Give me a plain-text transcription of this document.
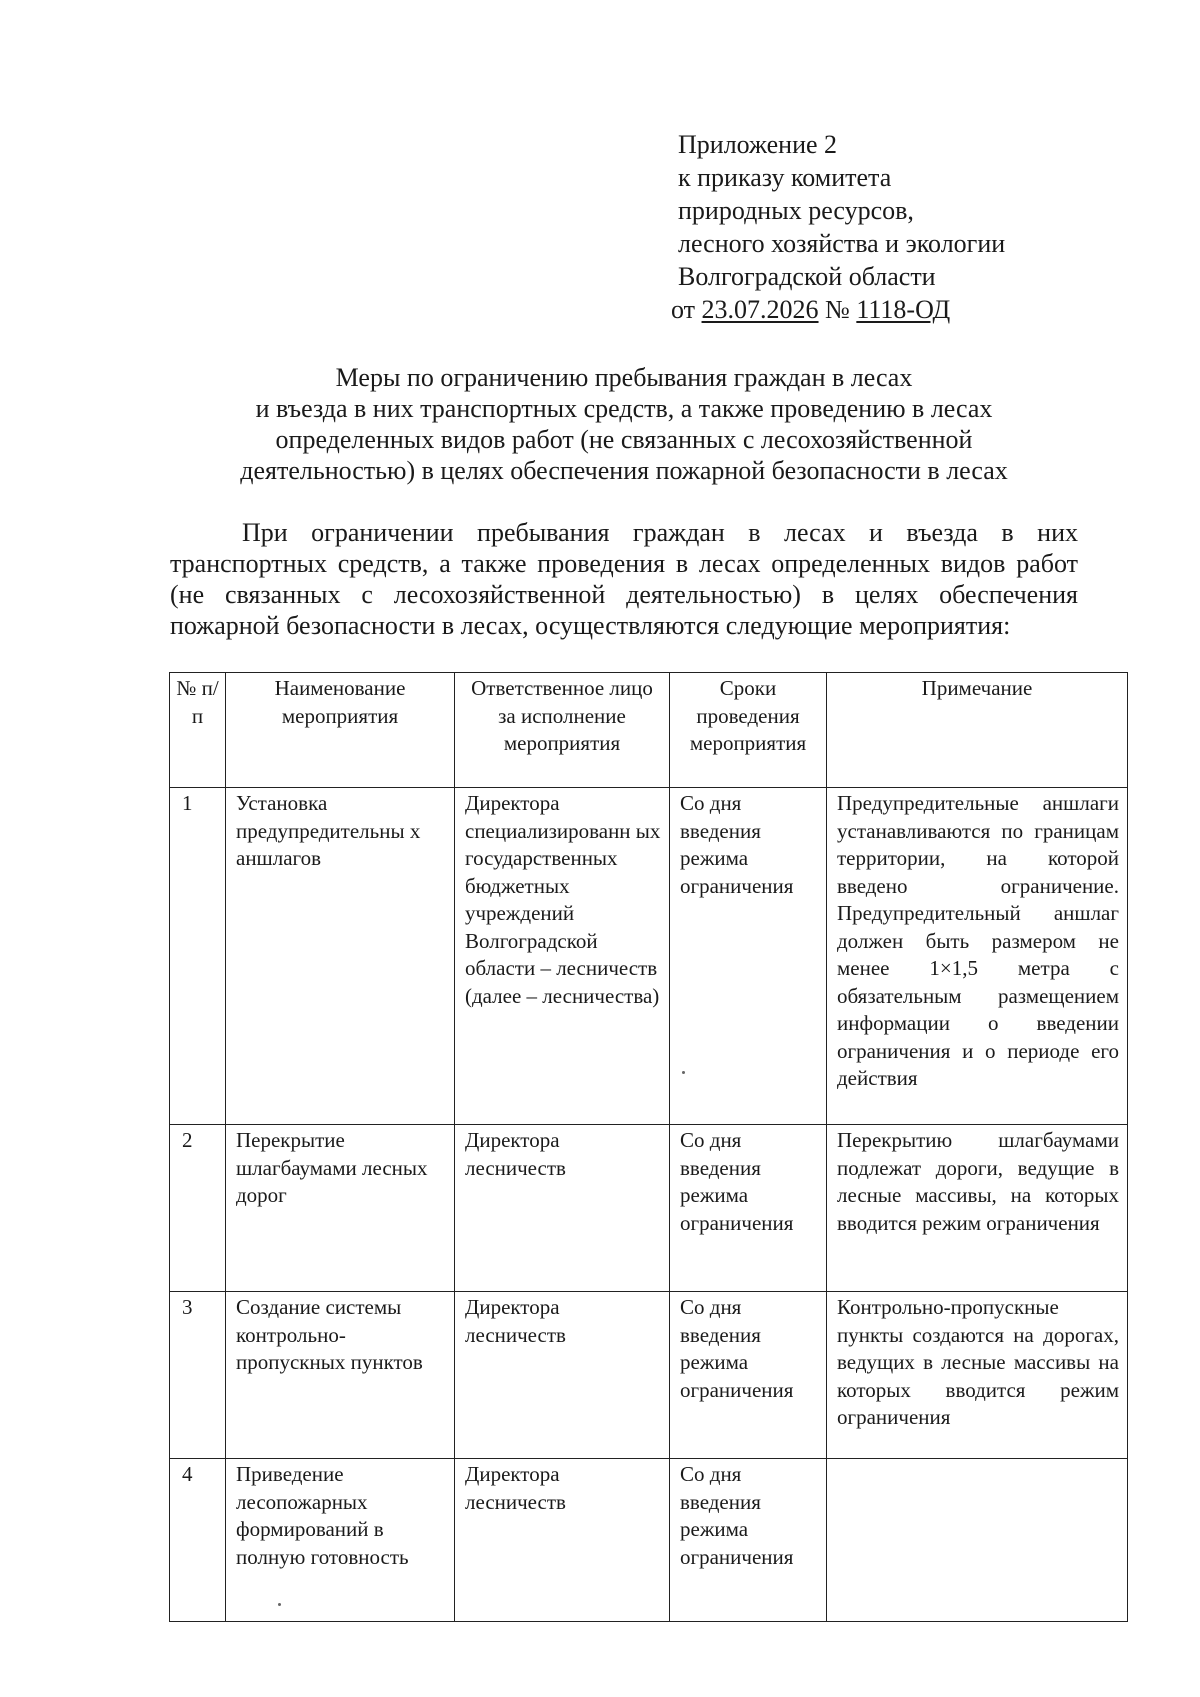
Приложение 2
к приказу комитета
природных ресурсов,
лесного хозяйства и экологии
Волгоградской области
от 23.07.2026 № 1118-ОД
Меры по ограничению пребывания граждан в лесах
и въезда в них транспортных средств, а также проведению в лесах
определенных видов работ (не связанных с лесохозяйственной
деятельностью) в целях обеспечения пожарной безопасности в лесах
При ограничении пребывания граждан в лесах и въезда в них
транспортных средств, а также проведения в лесах определенных видов работ
(не связанных с лесохозяйственной деятельностью) в целях обеспечения
пожарной безопасности в лесах, осуществляются следующие мероприятия:
№ п/п	Наименование мероприятия	Ответственное лицо за исполнение мероприятия	Сроки проведения мероприятия	Примечание
1	Установка предупредительны х аншлагов	Директора специализированн ых государственных бюджетных учреждений Волгоградской области – лесничеств (далее – лесничества)	Со дня введения режима ограничения	Предупредительные аншлаги устанавливаются по границам территории, на которой введено ограничение. Предупредительный аншлаг должен быть размером не менее 1×1,5 метра с обязательным размещением информации о введении ограничения и о периоде его действия
2	Перекрытие шлагбаумами лесных дорог	Директора лесничеств	Со дня введения режима ограничения	Перекрытию шлагбаумами подлежат дороги, ведущие в лесные массивы, на которых вводится режим ограничения
3	Создание системы контрольно-пропускных пунктов	Директора лесничеств	Со дня введения режима ограничения	Контрольно-пропускные пункты создаются на дорогах, ведущих в лесные массивы на которых вводится режим ограничения
4	Приведение лесопожарных формирований в полную готовность	Директора лесничеств	Со дня введения режима ограничения	
